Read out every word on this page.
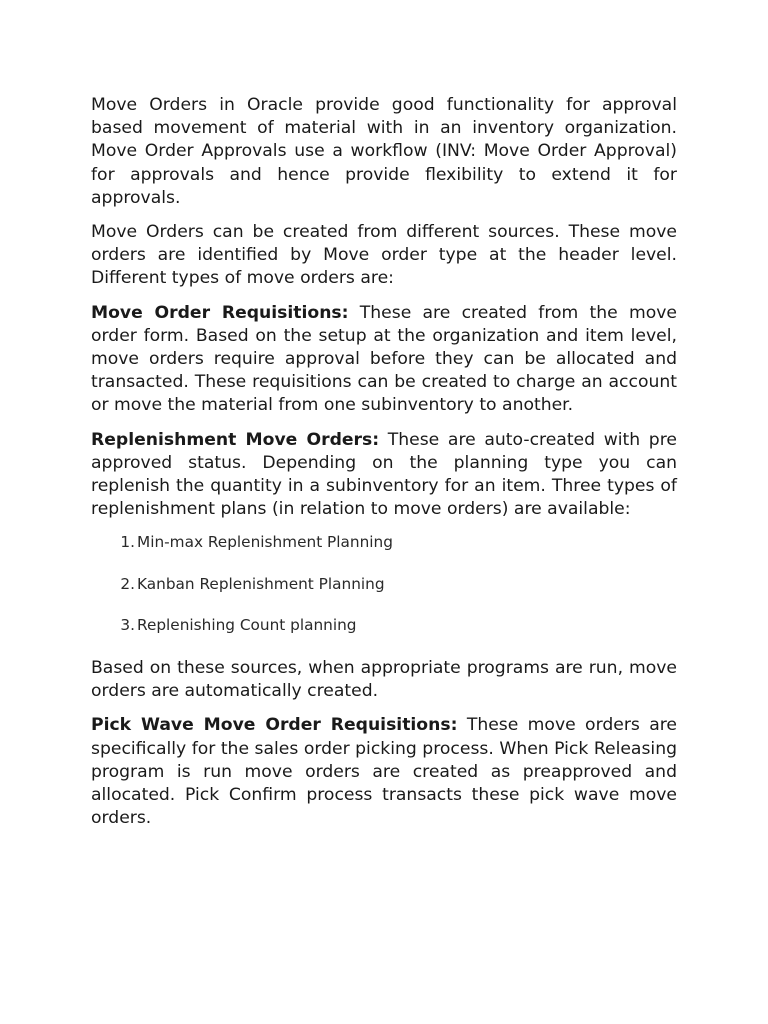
Move Orders in Oracle provide good functionality for approval based movement of material with in an inventory organization. Move Order Approvals use a workflow (INV: Move Order Approval) for approvals and hence provide flexibility to extend it for approvals.

Move Orders can be created from different sources. These move orders are identified by Move order type at the header level. Different types of move orders are:

Move Order Requisitions: These are created from the move order form. Based on the setup at the organization and item level, move orders require approval before they can be allocated and transacted. These requisitions can be created to charge an account or move the material from one subinventory to another.

Replenishment Move Orders: These are auto-created with pre approved status. Depending on the planning type you can replenish the quantity in a subinventory for an item. Three types of replenishment plans (in relation to move orders) are available:

1. Min-max Replenishment Planning
2. Kanban Replenishment Planning
3. Replenishing Count planning

Based on these sources, when appropriate programs are run, move orders are automatically created.

Pick Wave Move Order Requisitions: These move orders are specifically for the sales order picking process. When Pick Releasing program is run move orders are created as preapproved and allocated. Pick Confirm process transacts these pick wave move orders.
